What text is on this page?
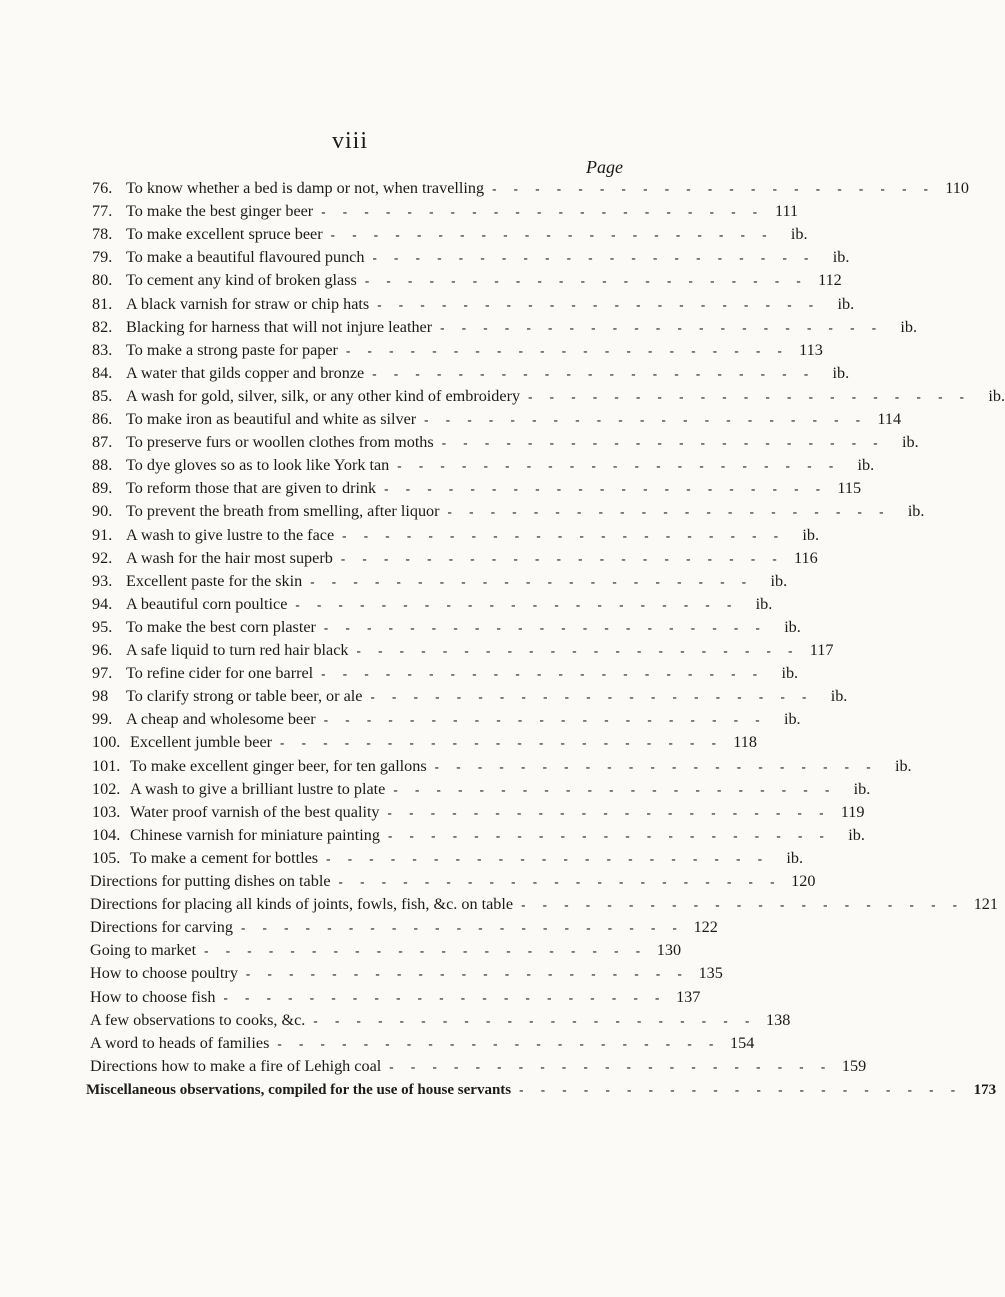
viii
Page
76. To know whether a bed is damp or not, when travelling - - - - - - - - - - - - - - - - - - - - - 110
77. To make the best ginger beer - - - - - - - - - - - - - - - - - - - - - 111
78. To make excellent spruce beer - - - - - - - - - - - - - - - - - - - - -	ib.
79. To make a beautiful flavoured punch - - - - - - - - - - - - - - - - - - - - -	ib.
80. To cement any kind of broken glass - - - - - - - - - - - - - - - - - - - - - 112
81. A black varnish for straw or chip hats - - - - - - - - - - - - - - - - - - - - -	ib.
82. Blacking for harness that will not injure leather - - - - - - - - - - - - - - - - - - - - -	ib.
83. To make a strong paste for paper - - - - - - - - - - - - - - - - - - - - - 113
84. A water that gilds copper and bronze - - - - - - - - - - - - - - - - - - - - -	ib.
85. A wash for gold, silver, silk, or any other kind of embroidery - - - - - - - - - - - - - - - - - - - - -	ib.
86. To make iron as beautiful and white as silver - - - - - - - - - - - - - - - - - - - - - 114
87. To preserve furs or woollen clothes from moths - - - - - - - - - - - - - - - - - - - - -	ib.
88. To dye gloves so as to look like York tan - - - - - - - - - - - - - - - - - - - - -	ib.
89. To reform those that are given to drink - - - - - - - - - - - - - - - - - - - - - 115
90. To prevent the breath from smelling, after liquor - - - - - - - - - - - - - - - - - - - - -	ib.
91. A wash to give lustre to the face - - - - - - - - - - - - - - - - - - - - -	ib.
92. A wash for the hair most superb - - - - - - - - - - - - - - - - - - - - - 116
93. Excellent paste for the skin - - - - - - - - - - - - - - - - - - - - -	ib.
94. A beautiful corn poultice - - - - - - - - - - - - - - - - - - - - -	ib.
95. To make the best corn plaster - - - - - - - - - - - - - - - - - - - - -	ib.
96. A safe liquid to turn red hair black - - - - - - - - - - - - - - - - - - - - - 117
97. To refine cider for one barrel - - - - - - - - - - - - - - - - - - - - -	ib.
98	To clarify strong or table beer, or ale - - - - - - - - - - - - - - - - - - - - -	ib.
99. A cheap and wholesome beer - - - - - - - - - - - - - - - - - - - - -	ib.
100. Excellent jumble beer - - - - - - - - - - - - - - - - - - - - - 118
101. To make excellent ginger beer, for ten gallons - - - - - - - - - - - - - - - - - - - - -	ib.
102. A wash to give a brilliant lustre to plate - - - - - - - - - - - - - - - - - - - - -	ib.
103. Water proof varnish of the best quality - - - - - - - - - - - - - - - - - - - - - 119
104. Chinese varnish for miniature painting - - - - - - - - - - - - - - - - - - - - -	ib.
105. To make a cement for bottles - - - - - - - - - - - - - - - - - - - - -	ib.
Directions for putting dishes on table - - - - - - - - - - - - - - - - - - - - - 120
Directions for placing all kinds of joints, fowls, fish, &c. on table - - - - - - - - - - - - - - - - - - - - - 121
Directions for carving - - - - - - - - - - - - - - - - - - - - - 122
Going to market - - - - - - - - - - - - - - - - - - - - - 130
How to choose poultry - - - - - - - - - - - - - - - - - - - - - 135
How to choose fish - - - - - - - - - - - - - - - - - - - - - 137
A few observations to cooks, &c. - - - - - - - - - - - - - - - - - - - - - 138
A word to heads of families - - - - - - - - - - - - - - - - - - - - - 154
Directions how to make a fire of Lehigh coal - - - - - - - - - - - - - - - - - - - - - 159
Miscellaneous observations, compiled for the use of house servants - - - - - - - - - - - - - - - - - - - - - 173
